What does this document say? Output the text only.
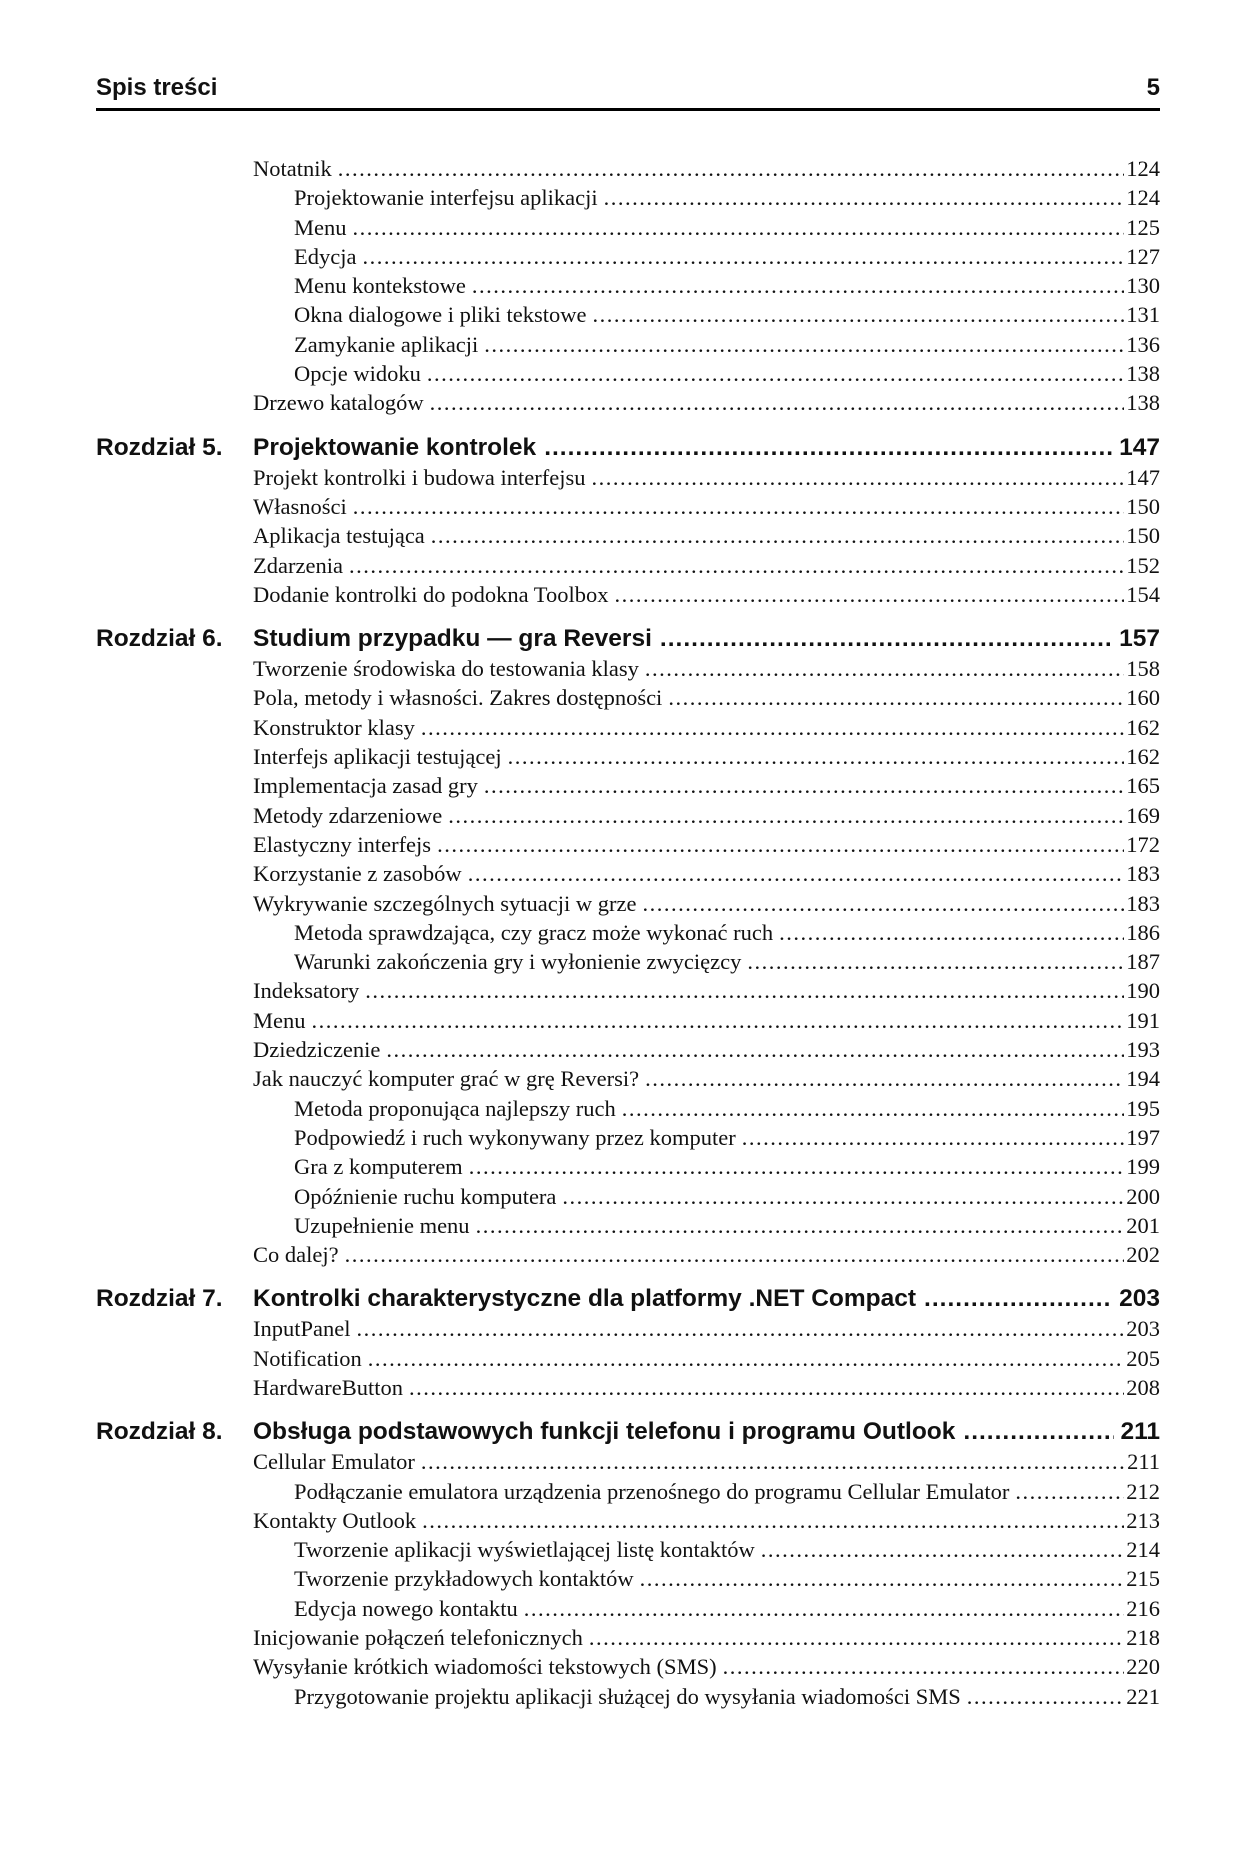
Spis treści	5
Notatnik .....	124
Projektowanie interfejsu aplikacji .....	124
Menu .....	125
Edycja .....	127
Menu kontekstowe .....	130
Okna dialogowe i pliki tekstowe .....	131
Zamykanie aplikacji .....	136
Opcje widoku .....	138
Drzewo katalogów .....	138
Rozdział 5.	Projektowanie kontrolek .....	147
Projekt kontrolki i budowa interfejsu .....	147
Własności .....	150
Aplikacja testująca .....	150
Zdarzenia .....	152
Dodanie kontrolki do podokna Toolbox .....	154
Rozdział 6.	Studium przypadku — gra Reversi .....	157
Tworzenie środowiska do testowania klasy .....	158
Pola, metody i własności. Zakres dostępności .....	160
Konstruktor klasy .....	162
Interfejs aplikacji testującej .....	162
Implementacja zasad gry .....	165
Metody zdarzeniowe .....	169
Elastyczny interfejs .....	172
Korzystanie z zasobów .....	183
Wykrywanie szczególnych sytuacji w grze .....	183
Metoda sprawdzająca, czy gracz może wykonać ruch .....	186
Warunki zakończenia gry i wyłonienie zwycięzcy .....	187
Indeksatory .....	190
Menu .....	191
Dziedziczenie .....	193
Jak nauczyć komputer grać w grę Reversi? .....	194
Metoda proponująca najlepszy ruch .....	195
Podpowiedź i ruch wykonywany przez komputer .....	197
Gra z komputerem .....	199
Opóźnienie ruchu komputera .....	200
Uzupełnienie menu .....	201
Co dalej? .....	202
Rozdział 7.	Kontrolki charakterystyczne dla platformy .NET Compact .....	203
InputPanel .....	203
Notification .....	205
HardwareButton .....	208
Rozdział 8.	Obsługa podstawowych funkcji telefonu i programu Outlook .....	211
Cellular Emulator .....	211
Podłączanie emulatora urządzenia przenośnego do programu Cellular Emulator .....	212
Kontakty Outlook .....	213
Tworzenie aplikacji wyświetlającej listę kontaktów .....	214
Tworzenie przykładowych kontaktów .....	215
Edycja nowego kontaktu .....	216
Inicjowanie połączeń telefonicznych .....	218
Wysyłanie krótkich wiadomości tekstowych (SMS) .....	220
Przygotowanie projektu aplikacji służącej do wysyłania wiadomości SMS .....	221
